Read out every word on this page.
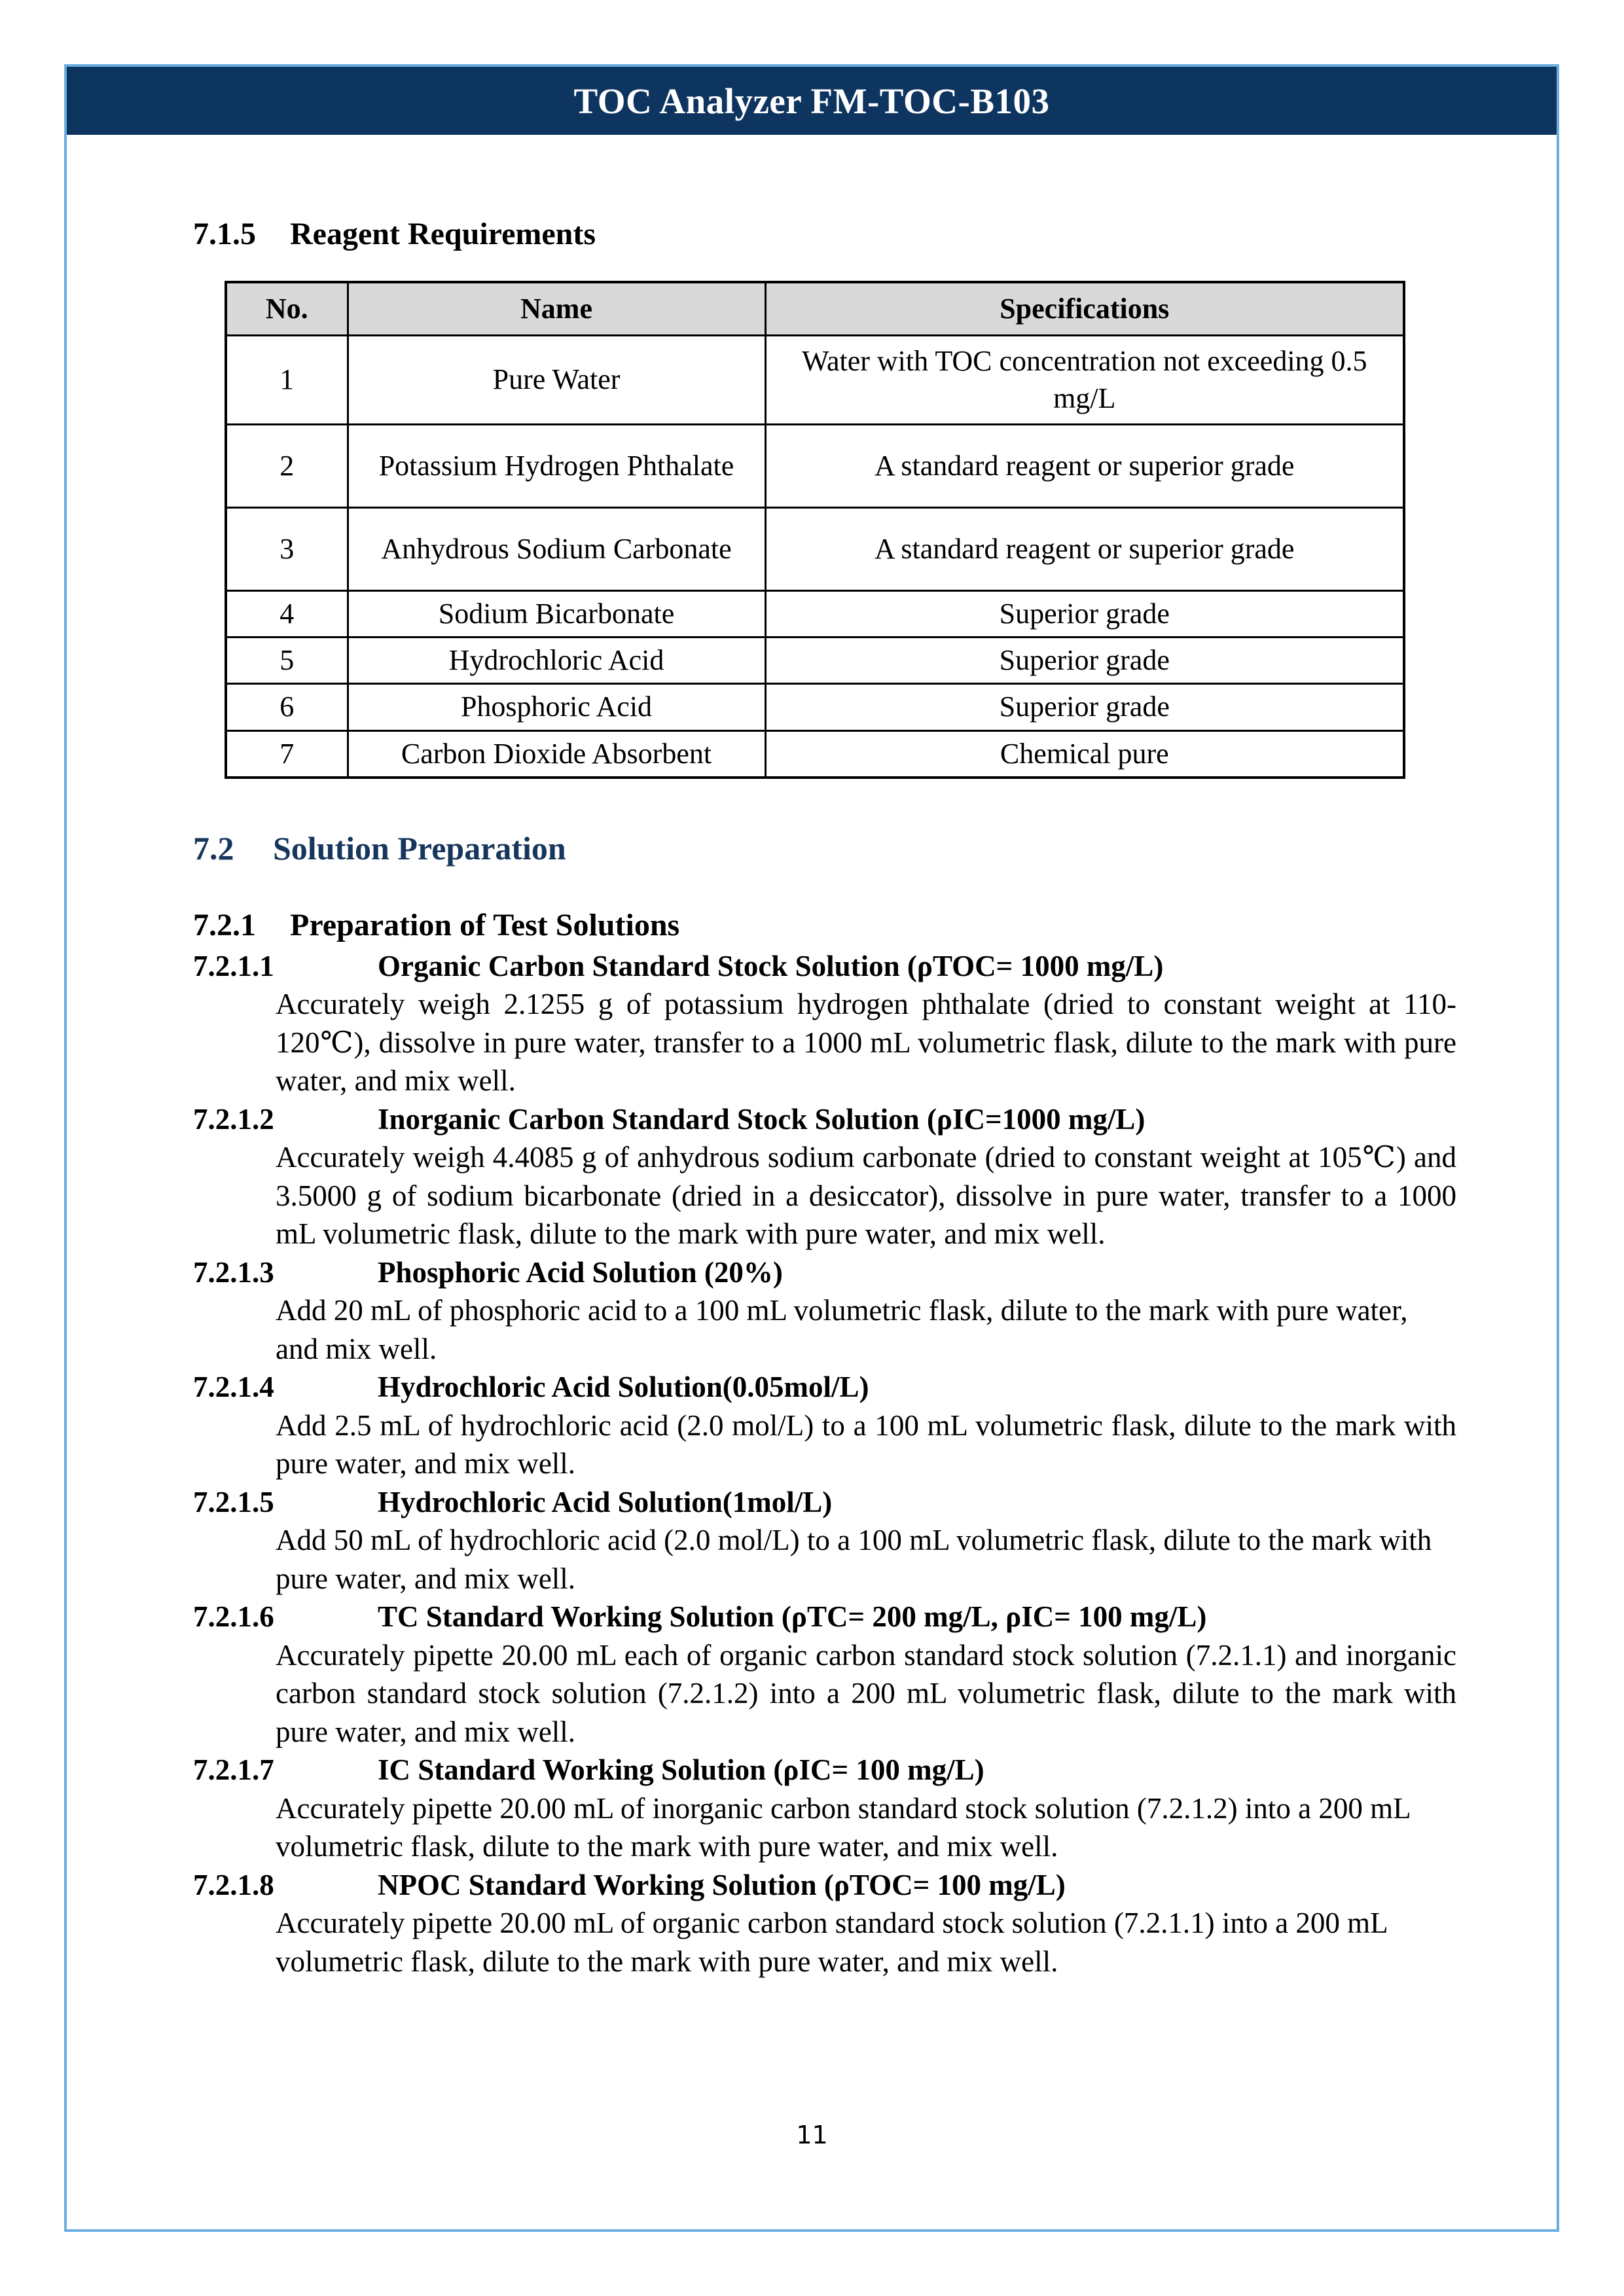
TOC Analyzer FM-TOC-B103
7.1.5 Reagent Requirements
No.	Name	Specifications
1	Pure Water	Water with TOC concentration not exceeding 0.5 mg/L
2	Potassium Hydrogen Phthalate	A standard reagent or superior grade
3	Anhydrous Sodium Carbonate	A standard reagent or superior grade
4	Sodium Bicarbonate	Superior grade
5	Hydrochloric Acid	Superior grade
6	Phosphoric Acid	Superior grade
7	Carbon Dioxide Absorbent	Chemical pure
7.2 Solution Preparation
7.2.1 Preparation of Test Solutions
7.2.1.1	Organic Carbon Standard Stock Solution (ρTOC= 1000 mg/L)

Accurately weigh 2.1255 g of potassium hydrogen phthalate (dried to constant weight at 110-120℃), dissolve in pure water, transfer to a 1000 mL volumetric flask, dilute to the mark with pure water, and mix well.

7.2.1.2	Inorganic Carbon Standard Stock Solution (ρIC=1000 mg/L)

Accurately weigh 4.4085 g of anhydrous sodium carbonate (dried to constant weight at 105℃) and 3.5000 g of sodium bicarbonate (dried in a desiccator), dissolve in pure water, transfer to a 1000 mL volumetric flask, dilute to the mark with pure water, and mix well.

7.2.1.3	Phosphoric Acid Solution (20%)

Add 20 mL of phosphoric acid to a 100 mL volumetric flask, dilute to the mark with pure water, and mix well.

7.2.1.4	Hydrochloric Acid Solution(0.05mol/L)

Add 2.5 mL of hydrochloric acid (2.0 mol/L) to a 100 mL volumetric flask, dilute to the mark with pure water, and mix well.

7.2.1.5	Hydrochloric Acid Solution(1mol/L)

Add 50 mL of hydrochloric acid (2.0 mol/L) to a 100 mL volumetric flask, dilute to the mark with pure water, and mix well.

7.2.1.6	TC Standard Working Solution (ρTC= 200 mg/L, ρIC= 100 mg/L)

Accurately pipette 20.00 mL each of organic carbon standard stock solution (7.2.1.1) and inorganic carbon standard stock solution (7.2.1.2) into a 200 mL volumetric flask, dilute to the mark with pure water, and mix well.

7.2.1.7	IC Standard Working Solution (ρIC= 100 mg/L)

Accurately pipette 20.00 mL of inorganic carbon standard stock solution (7.2.1.2) into a 200 mL volumetric flask, dilute to the mark with pure water, and mix well.

7.2.1.8	NPOC Standard Working Solution (ρTOC= 100 mg/L)

Accurately pipette 20.00 mL of organic carbon standard stock solution (7.2.1.1) into a 200 mL volumetric flask, dilute to the mark with pure water, and mix well.

11
